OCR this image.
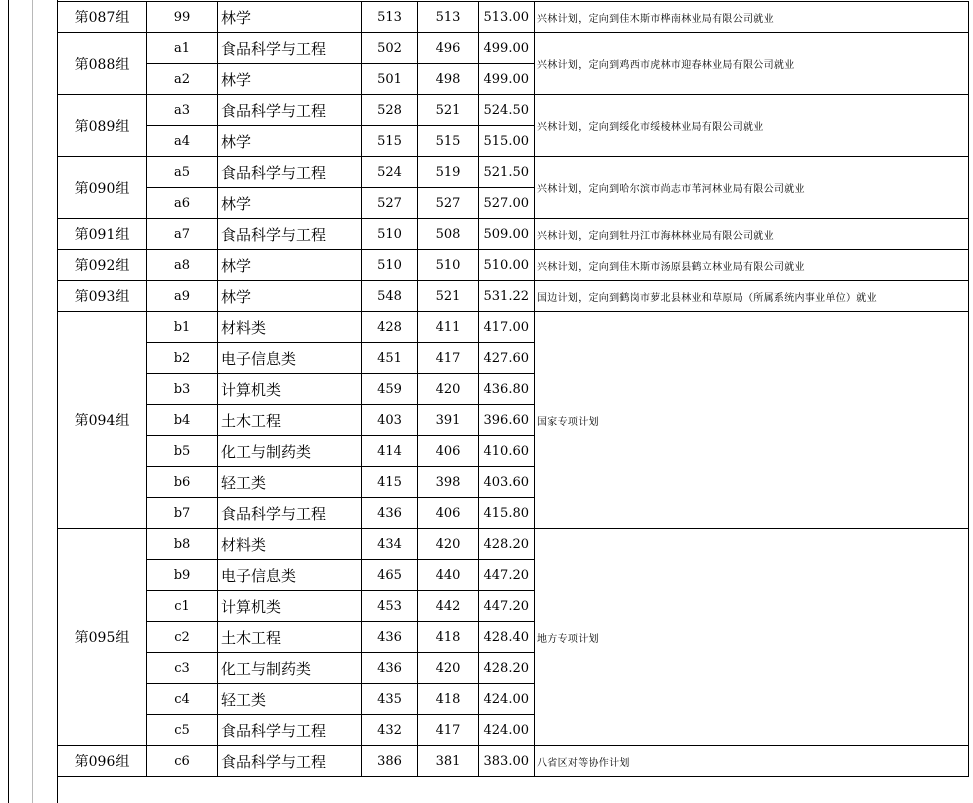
第087组	99	林学	513	513	513.00	兴林计划，定向到佳木斯市桦南林业局有限公司就业
第088组	a1	食品科学与工程	502	496	499.00	兴林计划，定向到鸡西市虎林市迎春林业局有限公司就业
	a2	林学	501	498	499.00	
第089组	a3	食品科学与工程	528	521	524.50	兴林计划，定向到绥化市绥棱林业局有限公司就业
	a4	林学	515	515	515.00	
第090组	a5	食品科学与工程	524	519	521.50	兴林计划，定向到哈尔滨市尚志市苇河林业局有限公司就业
	a6	林学	527	527	527.00	
第091组	a7	食品科学与工程	510	508	509.00	兴林计划，定向到牡丹江市海林林业局有限公司就业
第092组	a8	林学	510	510	510.00	兴林计划，定向到佳木斯市汤原县鹤立林业局有限公司就业
第093组	a9	林学	548	521	531.22	国边计划，定向到鹤岗市萝北县林业和草原局（所属系统内事业单位）就业
第094组	b1	材料类	428	411	417.00	国家专项计划
	b2	电子信息类	451	417	427.60	
	b3	计算机类	459	420	436.80	
	b4	土木工程	403	391	396.60	
	b5	化工与制药类	414	406	410.60	
	b6	轻工类	415	398	403.60	
	b7	食品科学与工程	436	406	415.80	
第095组	b8	材料类	434	420	428.20	地方专项计划
	b9	电子信息类	465	440	447.20	
	c1	计算机类	453	442	447.20	
	c2	土木工程	436	418	428.40	
	c3	化工与制药类	436	420	428.20	
	c4	轻工类	435	418	424.00	
	c5	食品科学与工程	432	417	424.00	
第096组	c6	食品科学与工程	386	381	383.00	八省区对等协作计划
